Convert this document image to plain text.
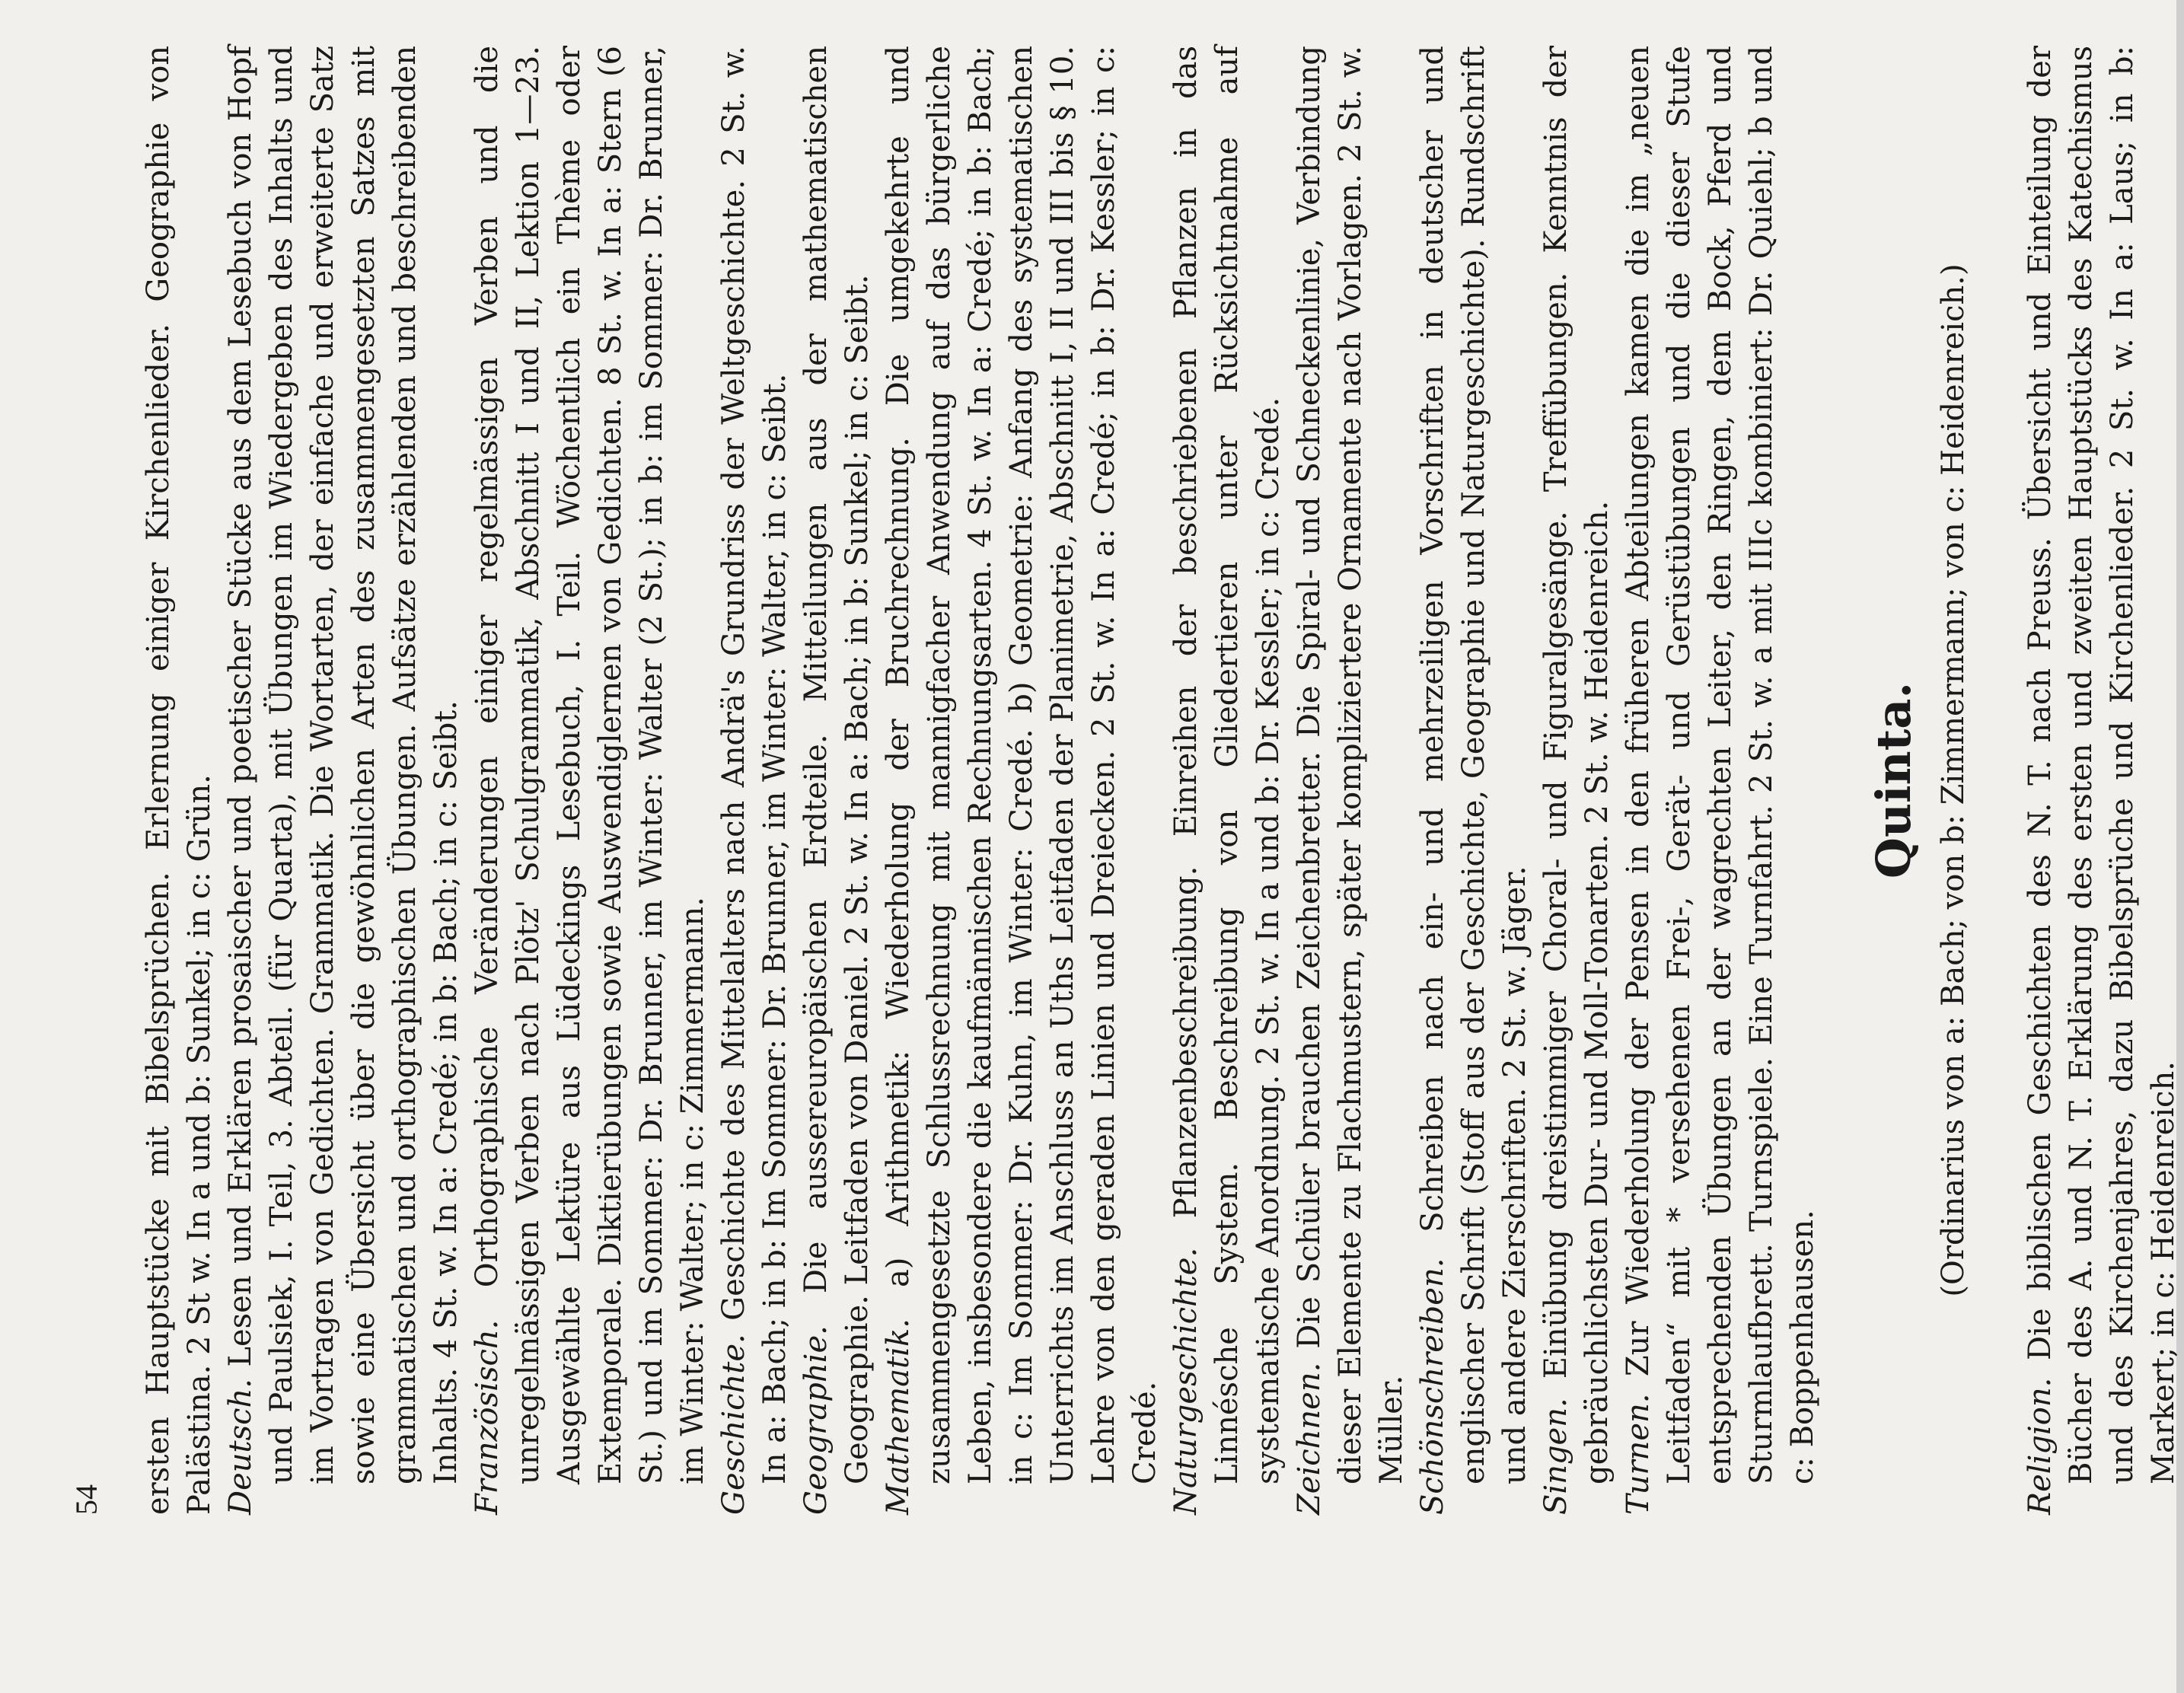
54 ersten Hauptstücke mit Bibelsprüchen. Erlernung einiger Kirchenlieder. Geographie von Palästina. 2 St w. In a und b: Sunkel; in c: Grün. Deutsch. Lesen und Erklären prosaischer und poetischer Stücke aus dem Lesebuch von Hopf und Paulsiek, I. Teil, 3. Abteil. (für Quarta), mit Übungen im Wiedergeben des Inhalts und im Vortragen von Gedichten. Grammatik. Die Wortarten, der einfache und erweiterte Satz sowie eine Übersicht über die gewöhnlichen Arten des zusammengesetzten Satzes mit grammatischen und orthographischen Übungen. Aufsätze erzählenden und beschreibenden Inhalts. 4 St. w. In a: Credé; in b: Bach; in c: Seibt. Französisch. Orthographische Veränderungen einiger regelmässigen Verben und die unregelmässigen Verben nach Plötz' Schulgrammatik, Abschnitt I und II, Lektion 1—23. Ausgewählte Lektüre aus Lüdeckings Lesebuch, I. Teil. Wöchentlich ein Thème oder Extemporale. Diktierübungen sowie Auswendiglernen von Gedichten. 8 St. w. In a: Stern (6 St.) und im Sommer: Dr. Brunner, im Winter: Walter (2 St.); in b: im Sommer: Dr. Brunner, im Winter: Walter; in c: Zimmermann. Geschichte. Geschichte des Mittelalters nach Andrä's Grundriss der Weltgeschichte. 2 St. w. In a: Bach; in b: Im Sommer: Dr. Brunner, im Winter: Walter, in c: Seibt. Geographie. Die aussereuropäischen Erdteile. Mitteilungen aus der mathematischen Geographie. Leitfaden von Daniel. 2 St. w. In a: Bach; in b: Sunkel; in c: Seibt. Mathematik. a) Arithmetik: Wiederholung der Bruchrechnung. Die umgekehrte und zusammengesetzte Schlussrechnung mit mannigfacher Anwendung auf das bürgerliche Leben, insbesondere die kaufmännischen Rechnungsarten. 4 St. w. In a: Credé; in b: Bach; in c: Im Sommer: Dr. Kuhn, im Winter: Credé. b) Geometrie: Anfang des systematischen Unterrichts im Anschluss an Uths Leitfaden der Planimetrie, Abschnitt I, II und III bis § 10. Lehre von den geraden Linien und Dreiecken. 2 St. w. In a: Credé; in b: Dr. Kessler; in c: Credé. Naturgeschichte. Pflanzenbeschreibung. Einreihen der beschriebenen Pflanzen in das Linnésche System. Beschreibung von Gliedertieren unter Rücksichtnahme auf systematische Anordnung. 2 St. w. In a und b: Dr. Kessler; in c: Credé. Zeichnen. Die Schüler brauchen Zeichenbretter. Die Spiral- und Schneckenlinie, Verbindung dieser Elemente zu Flachmustern, später kompliziertere Ornamente nach Vorlagen. 2 St. w. Müller. Schönschreiben. Schreiben nach ein- und mehrzeiligen Vorschriften in deutscher und englischer Schrift (Stoff aus der Geschichte, Geographie und Naturgeschichte). Rundschrift und andere Zierschriften. 2 St. w. Jäger. Singen. Einübung dreistimmiger Choral- und Figuralgesänge. Treffübungen. Kenntnis der gebräuchlichsten Dur- und Moll-Tonarten. 2 St. w. Heidenreich. Turnen. Zur Wiederholung der Pensen in den früheren Abteilungen kamen die im „neuen Leitfaden“ mit * versehenen Frei-, Gerät- und Gerüstübungen und die dieser Stufe entsprechenden Übungen an der wagrechten Leiter, den Ringen, dem Bock, Pferd und Sturmlaufbrett. Turnspiele. Eine Turnfahrt. 2 St. w. a mit IIIc kombiniert: Dr. Quiehl; b und c: Boppenhausen.

Quinta. (Ordinarius von a: Bach; von b: Zimmermann; von c: Heidenreich.)

Religion. Die biblischen Geschichten des N. T. nach Preuss. Übersicht und Einteilung der Bücher des A. und N. T. Erklärung des ersten und zweiten Hauptstücks des Katechismus und des Kirchenjahres, dazu Bibelsprüche und Kirchenlieder. 2 St. w. In a: Laus; in b: Markert; in c: Heidenreich.
